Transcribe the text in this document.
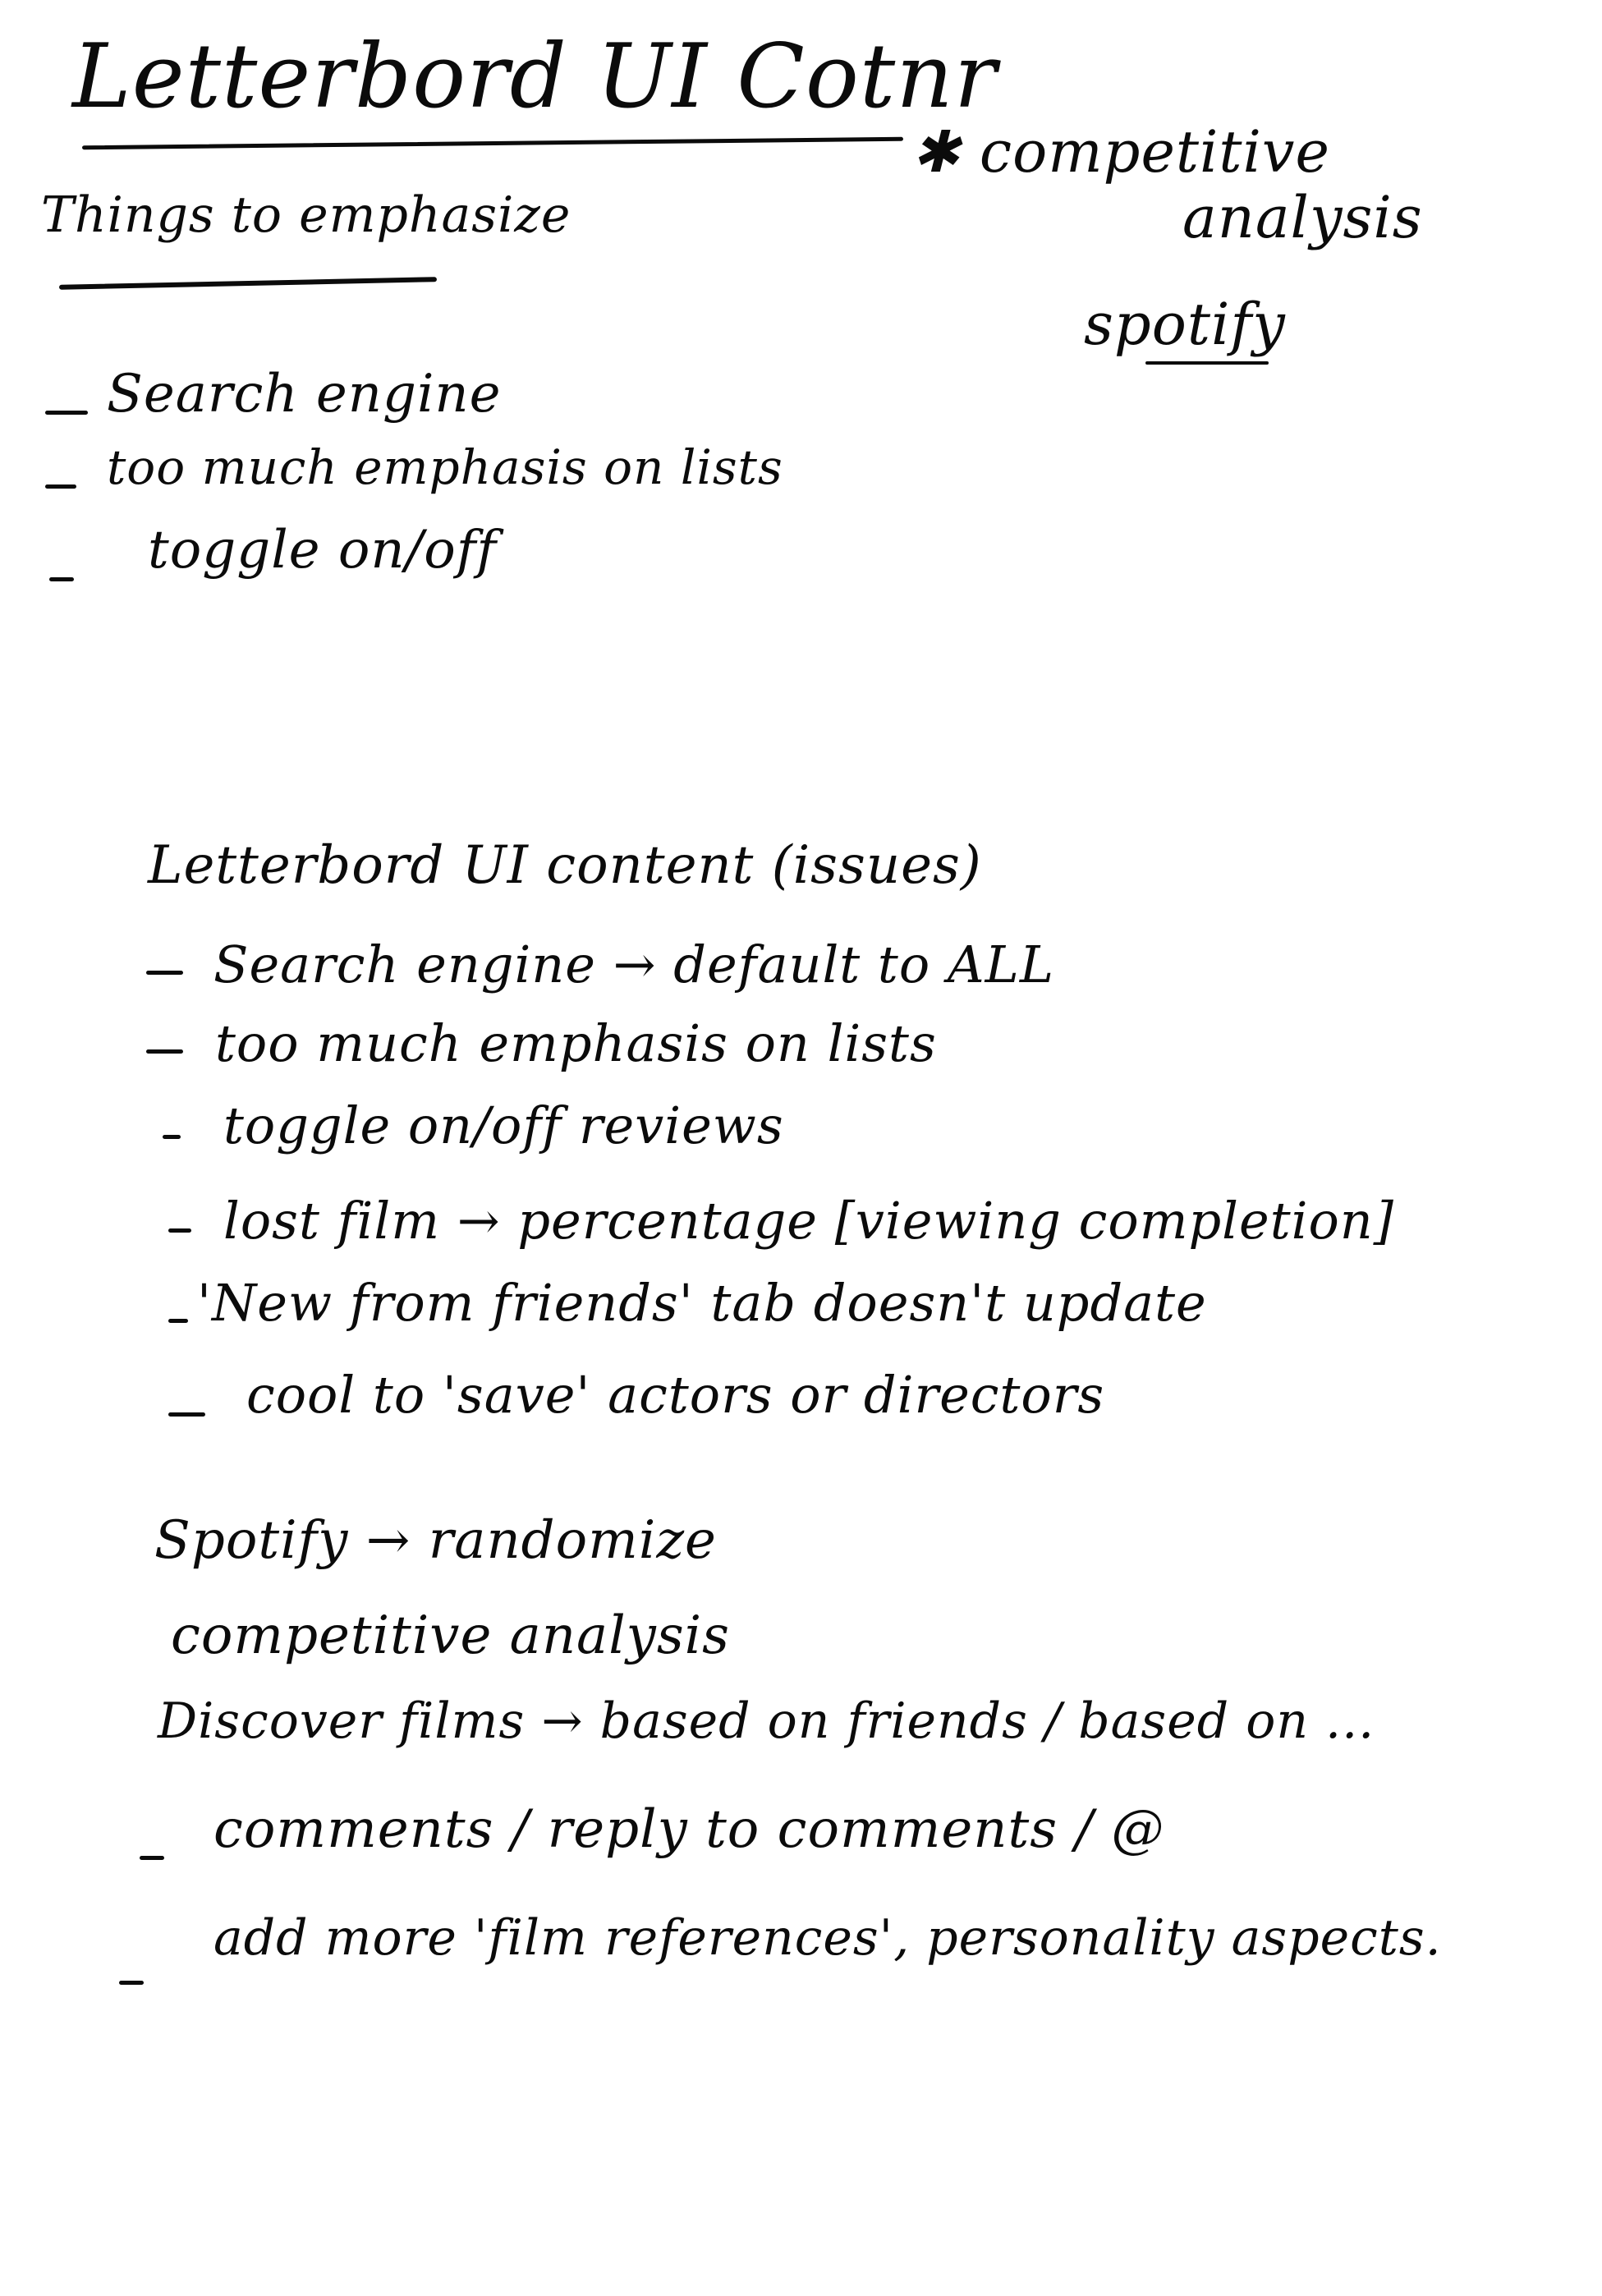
Letterbord UI Cotnr
✱ competitive
analysis
spotify
Things to emphasize
Search engine
too much emphasis on lists
toggle on/off
Letterbord UI content (issues)
Search engine → default to ALL
too much emphasis on lists
toggle on/off reviews
lost film → percentage [viewing completion]
'New from friends' tab doesn't update
cool to 'save' actors or directors
Spotify → randomize
competitive analysis
Discover films → based on friends / based on ...
comments / reply to comments / @
add more 'film references', personality aspects.
